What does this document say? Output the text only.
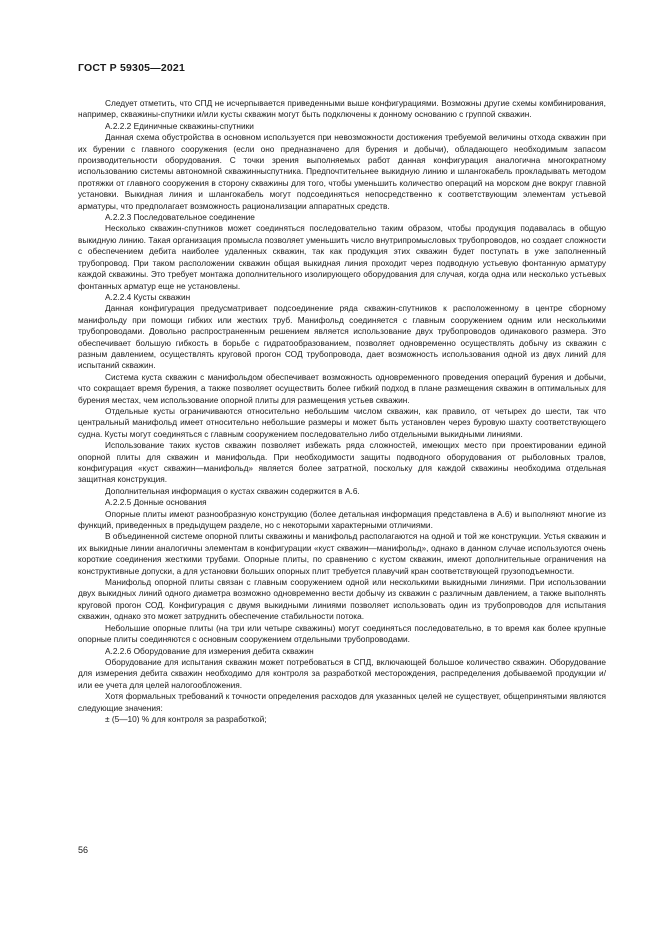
ГОСТ Р 59305—2021

Следует отметить, что СПД не исчерпывается приведенными выше конфигурациями. Возможны другие схемы комбинирования, например, скважины-спутники и/или кусты скважин могут быть подключены к донному основанию с группой скважин.

А.2.2.2 Единичные скважины-спутники

Данная схема обустройства в основном используется при невозможности достижения требуемой величины отхода скважин при их бурении с главного сооружения (если оно предназначено для бурения и добычи), обладающего необходимым запасом производительности оборудования. С точки зрения выполняемых работ данная конфигурация аналогична многократному использованию системы автономной скважинныспутника. Предпочтительнее выкидную линию и шлангокабель прокладывать методом протяжки от главного сооружения в сторону скважины для того, чтобы уменьшить количество операций на морском дне вокруг главной установки. Выкидная линия и шлангокабель могут подсоединяться непосредственно к соответствующим элементам устьевой арматуры, что предполагает возможность рационализации аппаратных средств.

А.2.2.3 Последовательное соединение

Несколько скважин-спутников может соединяться последовательно таким образом, чтобы продукция подавалась в общую выкидную линию. Такая организация промысла позволяет уменьшить число внутрипромысловых трубопроводов, но создает сложности с обеспечением дебита наиболее удаленных скважин, так как продукция этих скважин будет поступать в уже заполненный трубопровод. При таком расположении скважин общая выкидная линия проходит через подводную устьевую фонтанную арматуру каждой скважины. Это требует монтажа дополнительного изолирующего оборудования для случая, когда одна или несколько устьевых фонтанных арматур еще не установлены.

А.2.2.4 Кусты скважин

Данная конфигурация предусматривает подсоединение ряда скважин-спутников к расположенному в центре сборному манифольду при помощи гибких или жестких труб. Манифольд соединяется с главным сооружением одним или несколькими трубопроводами. Довольно распространенным решением является использование двух трубопроводов одинакового размера. Это обеспечивает большую гибкость в борьбе с гидратообразованием, позволяет одновременно осуществлять добычу из скважин с разным давлением, осуществлять круговой прогон СОД трубопровода, дает возможность использования одной из двух линий для испытаний скважин.

Система куста скважин с манифольдом обеспечивает возможность одновременного проведения операций бурения и добычи, что сокращает время бурения, а также позволяет осуществить более гибкий подход в плане размещения скважин в оптимальных для бурения местах, чем использование опорной плиты для размещения устьев скважин.

Отдельные кусты ограничиваются относительно небольшим числом скважин, как правило, от четырех до шести, так что центральный манифольд имеет относительно небольшие размеры и может быть установлен через буровую шахту соответствующего судна. Кусты могут соединяться с главным сооружением последовательно либо отдельными выкидными линиями.

Использование таких кустов скважин позволяет избежать ряда сложностей, имеющих место при проектировании единой опорной плиты для скважин и манифольда. При необходимости защиты подводного оборудования от рыболовных тралов, конфигурация «куст скважин—манифольд» является более затратной, поскольку для каждой скважины необходима отдельная защитная конструкция.

Дополнительная информация о кустах скважин содержится в А.6.

А.2.2.5 Донные основания

Опорные плиты имеют разнообразную конструкцию (более детальная информация представлена в А.6) и выполняют многие из функций, приведенных в предыдущем разделе, но с некоторыми характерными отличиями.

В объединенной системе опорной плиты скважины и манифольд располагаются на одной и той же конструкции. Устья скважин и их выкидные линии аналогичны элементам в конфигурации «куст скважин—манифольд», однако в данном случае используются очень короткие соединения жесткими трубами. Опорные плиты, по сравнению с кустом скважин, имеют дополнительные ограничения на конструктивные допуски, а для установки больших опорных плит требуется плавучий кран соответствующей грузоподъемности.

Манифольд опорной плиты связан с главным сооружением одной или несколькими выкидными линиями. При использовании двух выкидных линий одного диаметра возможно одновременно вести добычу из скважин с различным давлением, а также выполнять круговой прогон СОД. Конфигурация с двумя выкидными линиями позволяет использовать один из трубопроводов для испытания скважин, однако это может затруднить обеспечение стабильности потока.

Небольшие опорные плиты (на три или четыре скважины) могут соединяться последовательно, в то время как более крупные опорные плиты соединяются с основным сооружением отдельными трубопроводами.

А.2.2.6 Оборудование для измерения дебита скважин

Оборудование для испытания скважин может потребоваться в СПД, включающей большое количество скважин. Оборудование для измерения дебита скважин необходимо для контроля за разработкой месторождения, распределения добываемой продукции и/или ее учета для целей налогообложения.

Хотя формальных требований к точности определения расходов для указанных целей не существует, общепринятыми являются следующие значения:

± (5—10) % для контроля за разработкой;

56
